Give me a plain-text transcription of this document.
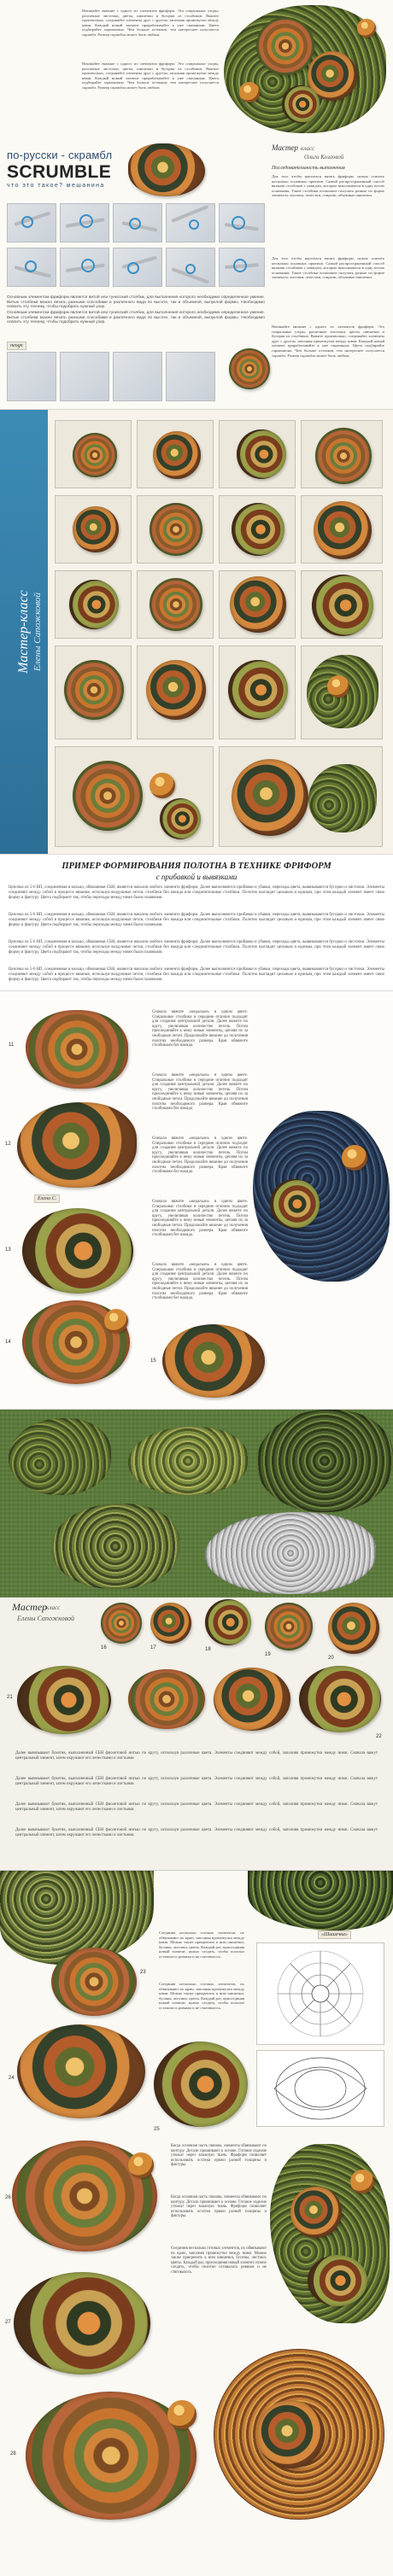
Начинайте вязание с одного из элементов фриформ. Это спиральные узоры, различные листочки, цветы, шишечки и бугорки из столбиков. Вяжите произвольно, соединяйте элементы друг с другом, заполняя промежутки между ними. Каждый новый элемент прирабатывайте к уже связанным. Цвета подбирайте гармонично. Чем больше оттенков, тем интереснее получается скрамбл. Размер скрамбла может быть любым.
Начинайте вязание с одного из элементов фриформ. Это спиральные узоры, различные листочки, цветы, шишечки и бугорки из столбиков. Вяжите произвольно, соединяйте элементы друг с другом, заполняя промежутки между ними. Каждый новый элемент прирабатывайте к уже связанным. Цвета подбирайте гармонично. Чем больше оттенков, тем интереснее получается скрамбл. Размер скрамбла может быть любым.
по-русски - скрамбл
SCRUMBLE
что это такое? мешанина
Мастер класс
Ольги Козловой
Последовательность выполнения
Для того чтобы научиться вязать фриформ, нужно освоить несколько основных приемов. Самый распространенный способ вязания столбиков с накидом, которые выполняются в одну петлю основания. Такие столбики позволяют получать разные по форме элементы: листики, лепестки, спирали, объемные шишечки.
Основным элементом фриформ является витой или тунисский столбик, для выполнения которого необходимо определенное умение. Витые столбики можно вязать разными способами и различного вида по высоте, так и объемной, выпуклой формы. Необходимо освоить эту технику, чтобы подобрать нужный узор.
Основным элементом фриформ является витой или тунисский столбик, для выполнения которого необходимо определенное умение. Витые столбики можно вязать разными способами и различного вида по высоте, так и объемной, выпуклой формы. Необходимо освоить эту технику, чтобы подобрать нужный узор.
neogn
Для того чтобы научиться вязать фриформ, нужно освоить несколько основных приемов. Самый распространенный способ вязания столбиков с накидом, которые выполняются в одну петлю основания. Такие столбики позволяют получать разные по форме элементы: листики, лепестки, спирали, объемные шишечки.
Начинайте вязание с одного из элементов фриформ. Это спиральные узоры, различные листочки, цветы, шишечки и бугорки из столбиков. Вяжите произвольно, соединяйте элементы друг с другом, заполняя промежутки между ними. Каждый новый элемент прирабатывайте к уже связанным. Цвета подбирайте гармонично. Чем больше оттенков, тем интереснее получается скрамбл. Размер скрамбла может быть любым.
Мастер-класс Елены Сапожковой
ПРИМЕР ФОРМИРОВАНИЯ ПОЛОТНА В ТЕХНИКЕ ФРИФОРМ
с прибавкой и вывязками
Цепочка из 5-6 ВП, соединенная в кольцо, обвязанная СБН, является началом любого элемента фриформ. Далее выполняются прибавки и убавки, переходы цвета, вывязываются бугорки и листочки. Элементы соединяют между собой в процессе вязания, используя воздушные петли, столбики без накида или соединительные столбики. Полотно выглядит цельным и единым, при этом каждый элемент имеет свою форму и фактуру. Цвета подбирают так, чтобы переходы между ними были плавными.
Цепочка из 5-6 ВП, соединенная в кольцо, обвязанная СБН, является началом любого элемента фриформ. Далее выполняются прибавки и убавки, переходы цвета, вывязываются бугорки и листочки. Элементы соединяют между собой в процессе вязания, используя воздушные петли, столбики без накида или соединительные столбики. Полотно выглядит цельным и единым, при этом каждый элемент имеет свою форму и фактуру. Цвета подбирают так, чтобы переходы между ними были плавными.
Цепочка из 5-6 ВП, соединенная в кольцо, обвязанная СБН, является началом любого элемента фриформ. Далее выполняются прибавки и убавки, переходы цвета, вывязываются бугорки и листочки. Элементы соединяют между собой в процессе вязания, используя воздушные петли, столбики без накида или соединительные столбики. Полотно выглядит цельным и единым, при этом каждый элемент имеет свою форму и фактуру. Цвета подбирают так, чтобы переходы между ними были плавными.
Цепочка из 5-6 ВП, соединенная в кольцо, обвязанная СБН, является началом любого элемента фриформ. Далее выполняются прибавки и убавки, переходы цвета, вывязываются бугорки и листочки. Элементы соединяют между собой в процессе вязания, используя воздушные петли, столбики без накида или соединительные столбики. Полотно выглядит цельным и единым, при этом каждый элемент имеет свою форму и фактуру. Цвета подбирают так, чтобы переходы между ними были плавными.
11
12
Елена С.
13
14
Сначала вяжите «медальон» в одном цвете. Спиральные столбики в середине отлично подходят для создания центральной детали. Далее вяжите по кругу, увеличивая количество петель. Потом присоединяйте к нему новые элементы, цепляя их за свободные петли. Продолжайте вязание до получения полотна необходимого размера. Края обвяжите столбиками без накида.
Сначала вяжите «медальон» в одном цвете. Спиральные столбики в середине отлично подходят для создания центральной детали. Далее вяжите по кругу, увеличивая количество петель. Потом присоединяйте к нему новые элементы, цепляя их за свободные петли. Продолжайте вязание до получения полотна необходимого размера. Края обвяжите столбиками без накида.
Сначала вяжите «медальон» в одном цвете. Спиральные столбики в середине отлично подходят для создания центральной детали. Далее вяжите по кругу, увеличивая количество петель. Потом присоединяйте к нему новые элементы, цепляя их за свободные петли. Продолжайте вязание до получения полотна необходимого размера. Края обвяжите столбиками без накида.
Сначала вяжите «медальон» в одном цвете. Спиральные столбики в середине отлично подходят для создания центральной детали. Далее вяжите по кругу, увеличивая количество петель. Потом присоединяйте к нему новые элементы, цепляя их за свободные петли. Продолжайте вязание до получения полотна необходимого размера. Края обвяжите столбиками без накида.
Сначала вяжите «медальон» в одном цвете. Спиральные столбики в середине отлично подходят для создания центральной детали. Далее вяжите по кругу, увеличивая количество петель. Потом присоединяйте к нему новые элементы, цепляя их за свободные петли. Продолжайте вязание до получения полотна необходимого размера. Края обвяжите столбиками без накида.
15
Мастер
класс
Елены Сапожковой
16	17	18
19
20
21
22
Далее вывязывают букетик, выполненный СБН фиолетовой нитью по кругу, используя различные цвета. Элементы соединяют между собой, заполняя промежутки между ними. Сначала вяжут центральный элемент, затем окружают его лепестками и листьями.
Далее вывязывают букетик, выполненный СБН фиолетовой нитью по кругу, используя различные цвета. Элементы соединяют между собой, заполняя промежутки между ними. Сначала вяжут центральный элемент, затем окружают его лепестками и листьями.
Далее вывязывают букетик, выполненный СБН фиолетовой нитью по кругу, используя различные цвета. Элементы соединяют между собой, заполняя промежутки между ними. Сначала вяжут центральный элемент, затем окружают его лепестками и листьями.
Далее вывязывают букетик, выполненный СБН фиолетовой нитью по кругу, используя различные цвета. Элементы соединяют между собой, заполняя промежутки между ними. Сначала вяжут центральный элемент, затем окружают его лепестками и листьями.
23
Соединив несколько готовых элементов, их обвязывают по краю, заполняя промежутки между ними. Можно также прикрепить к ним шишечки, бусины, листики, цветы. Каждый раз, присоединяя новый элемент, нужно следить, чтобы полотно оставалось ровным и не стягивалось.
Соединив несколько готовых элементов, их обвязывают по краю, заполняя промежутки между ними. Можно также прикрепить к ним шишечки, бусины, листики, цветы. Каждый раз, присоединяя новый элемент, нужно следить, чтобы полотно оставалось ровным и не стягивалось.
«Шишечка»
24
25
26
Когда основная часть связана, элементы обвязывают по контуру. Детали пришивают к основе. Готовое изделие утюжат через влажную ткань. Фриформ позволяет использовать остатки пряжи разной толщины и фактуры.
Когда основная часть связана, элементы обвязывают по контуру. Детали пришивают к основе. Готовое изделие утюжат через влажную ткань. Фриформ позволяет использовать остатки пряжи разной толщины и фактуры.
Соединив несколько готовых элементов, их обвязывают по краю, заполняя промежутки между ними. Можно также прикрепить к ним шишечки, бусины, листики, цветы. Каждый раз, присоединяя новый элемент, нужно следить, чтобы полотно оставалось ровным и не стягивалось.
27
28
